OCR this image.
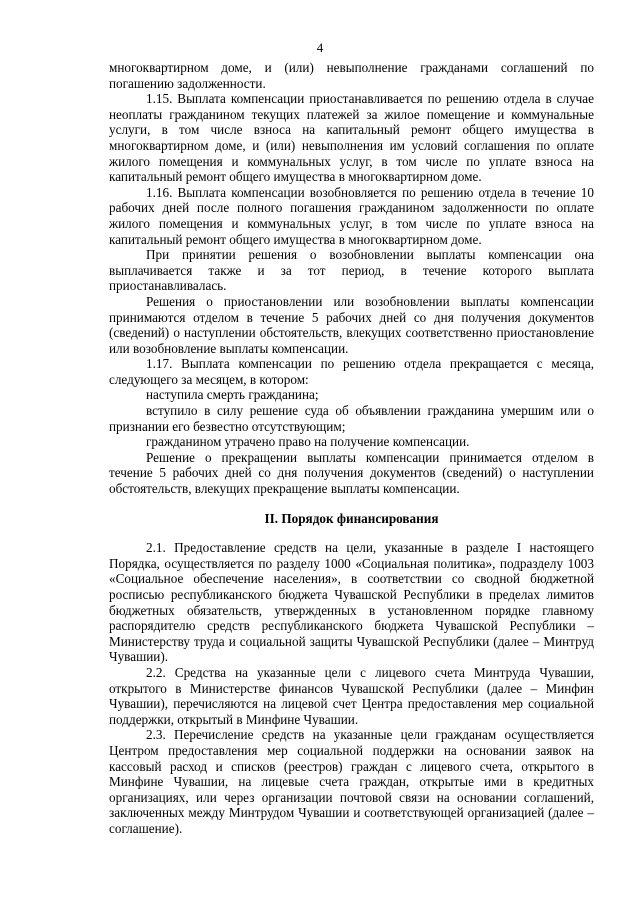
4

многоквартирном доме, и (или) невыполнение гражданами соглашений по погашению задолженности.

1.15. Выплата компенсации приостанавливается по решению отдела в случае неоплаты гражданином текущих платежей за жилое помещение и коммунальные услуги, в том числе взноса на капитальный ремонт общего имущества в многоквартирном доме, и (или) невыполнения им условий соглашения по оплате жилого помещения и коммунальных услуг, в том числе по уплате взноса на капитальный ремонт общего имущества в многоквартирном доме.

1.16. Выплата компенсации возобновляется по решению отдела в течение 10 рабочих дней после полного погашения гражданином задолженности по оплате жилого помещения и коммунальных услуг, в том числе по уплате взноса на капитальный ремонт общего имущества в многоквартирном доме.

При принятии решения о возобновлении выплаты компенсации она выплачивается также и за тот период, в течение которого выплата приостанавливалась.

Решения о приостановлении или возобновлении выплаты компенсации принимаются отделом в течение 5 рабочих дней со дня получения документов (сведений) о наступлении обстоятельств, влекущих соответственно приостановление или возобновление выплаты компенсации.

1.17. Выплата компенсации по решению отдела прекращается с месяца, следующего за месяцем, в котором:

наступила смерть гражданина;

вступило в силу решение суда об объявлении гражданина умершим или о признании его безвестно отсутствующим;

гражданином утрачено право на получение компенсации.

Решение о прекращении выплаты компенсации принимается отделом в течение 5 рабочих дней со дня получения документов (сведений) о наступлении обстоятельств, влекущих прекращение выплаты компенсации.

II. Порядок финансирования

2.1. Предоставление средств на цели, указанные в разделе I настоящего Порядка, осуществляется по разделу 1000 «Социальная политика», подразделу 1003 «Социальное обеспечение населения», в соответствии со сводной бюджетной росписью республиканского бюджета Чувашской Республики в пределах лимитов бюджетных обязательств, утвержденных в установленном порядке главному распорядителю средств республиканского бюджета Чувашской Республики – Министерству труда и социальной защиты Чувашской Республики (далее – Минтруд Чувашии).

2.2. Средства на указанные цели с лицевого счета Минтруда Чувашии, открытого в Министерстве финансов Чувашской Республики (далее – Минфин Чувашии), перечисляются на лицевой счет Центра предоставления мер социальной поддержки, открытый в Минфине Чувашии.

2.3. Перечисление средств на указанные цели гражданам осуществляется Центром предоставления мер социальной поддержки на основании заявок на кассовый расход и списков (реестров) граждан с лицевого счета, открытого в Минфине Чувашии, на лицевые счета граждан, открытые ими в кредитных организациях, или через организации почтовой связи на основании соглашений, заключенных между Минтрудом Чувашии и соответствующей организацией (далее – соглашение).
